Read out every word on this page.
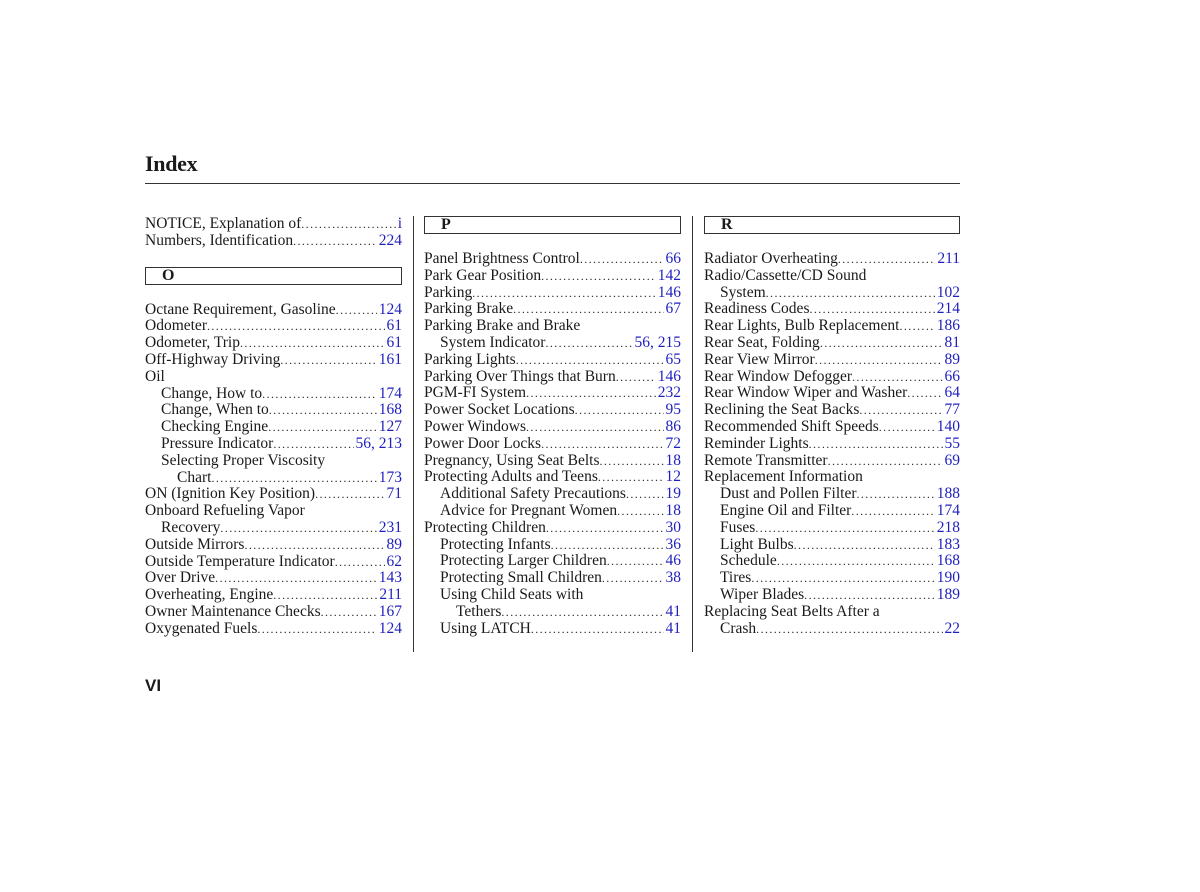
Index
NOTICE, Explanation of .....	i
Numbers, Identification .....	224
O
Octane Requirement, Gasoline .....	124
Odometer .....	61
Odometer, Trip .....	61
Off-Highway Driving .....	161
Oil
Change, How to .....	174
Change, When to .....	168
Checking Engine .....	127
Pressure Indicator .....	56, 213
Selecting Proper Viscosity
Chart .....	173
ON (Ignition Key Position) .....	71
Onboard Refueling Vapor
Recovery .....	231
Outside Mirrors .....	89
Outside Temperature Indicator .....	62
Over Drive .....	143
Overheating, Engine .....	211
Owner Maintenance Checks .....	167
Oxygenated Fuels .....	124
P
Panel Brightness Control .....	66
Park Gear Position .....	142
Parking .....	146
Parking Brake .....	67
Parking Brake and Brake
System Indicator .....	56, 215
Parking Lights .....	65
Parking Over Things that Burn .....	146
PGM-FI System .....	232
Power Socket Locations .....	95
Power Windows .....	86
Power Door Locks .....	72
Pregnancy, Using Seat Belts .....	18
Protecting Adults and Teens .....	12
Additional Safety Precautions .....	19
Advice for Pregnant Women .....	18
Protecting Children .....	30
Protecting Infants .....	36
Protecting Larger Children .....	46
Protecting Small Children .....	38
Using Child Seats with
Tethers .....	41
Using LATCH .....	41
R
Radiator Overheating .....	211
Radio/Cassette/CD Sound
System .....	102
Readiness Codes .....	214
Rear Lights, Bulb Replacement ..... 186
Rear Seat, Folding .....	81
Rear View Mirror .....	89
Rear Window Defogger .....	66
Rear Window Wiper and Washer ..... 64
Reclining the Seat Backs .....	77
Recommended Shift Speeds .....	140
Reminder Lights .....	55
Remote Transmitter .....	69
Replacement Information
Dust and Pollen Filter .....	188
Engine Oil and Filter .....	174
Fuses .....	218
Light Bulbs .....	183
Schedule .....	168
Tires .....	190
Wiper Blades .....	189
Replacing Seat Belts After a
Crash .....	22
VI
